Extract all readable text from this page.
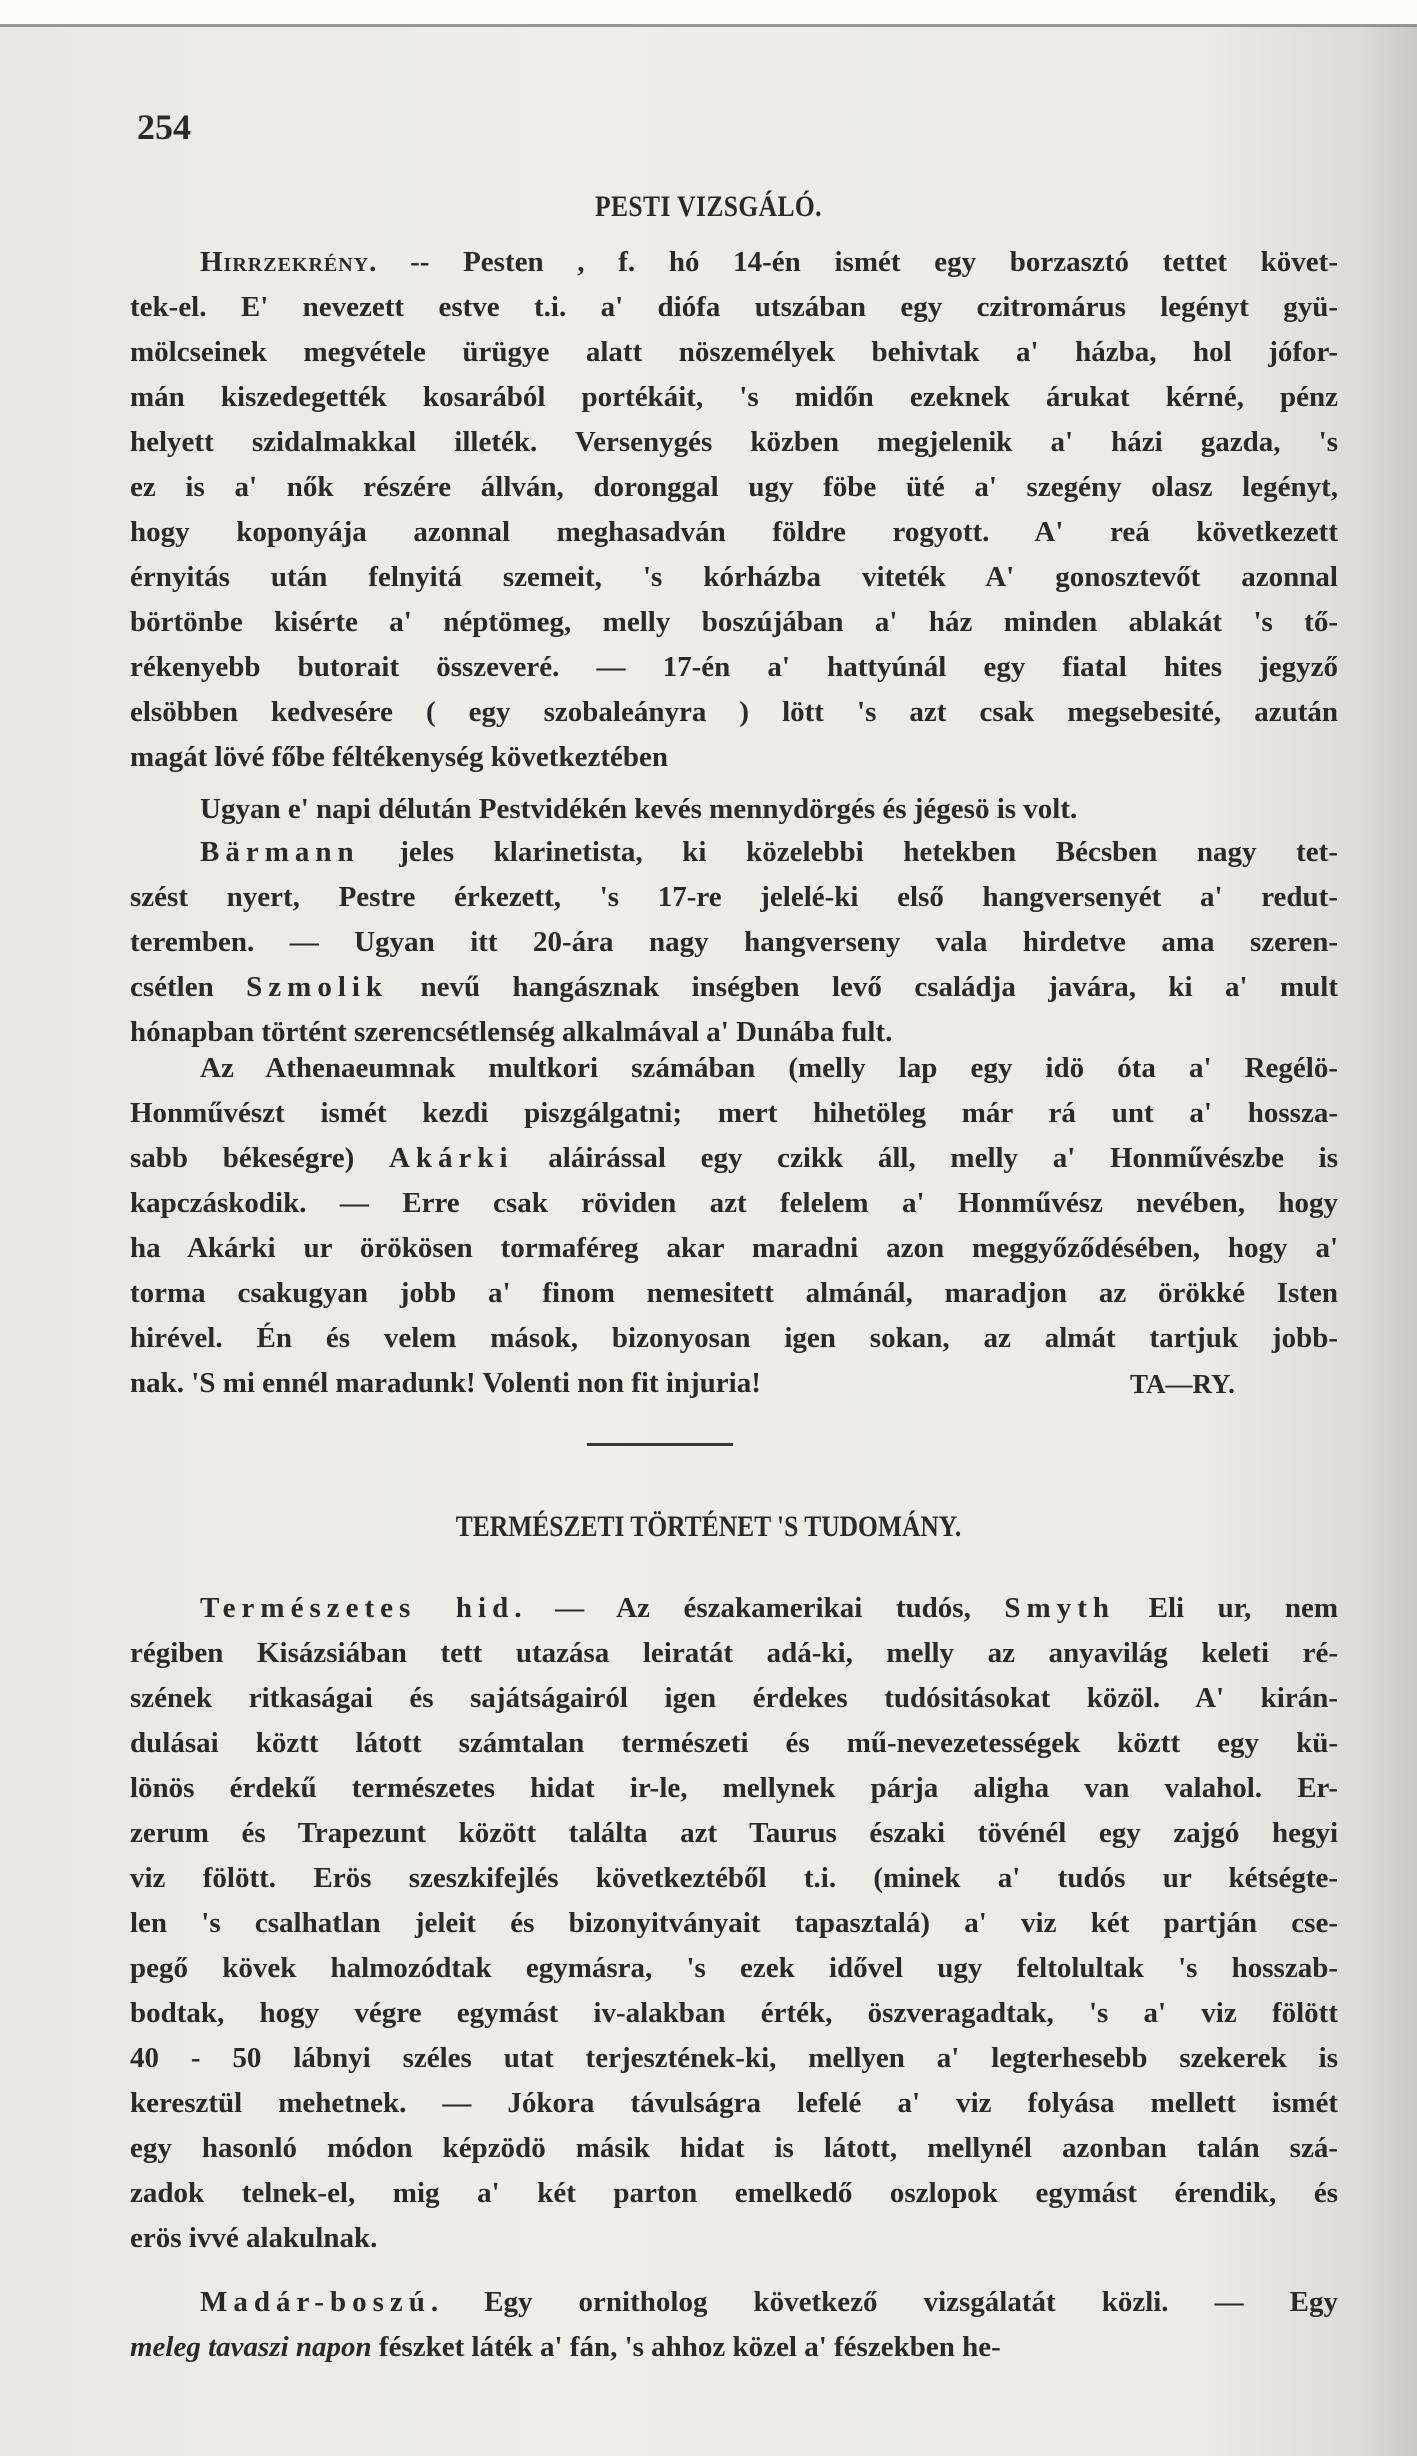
254
PESTI VIZSGÁLÓ.
Hirrzekrény. -- Pesten , f. hó 14-én ismét egy borzasztó tettet követ-
tek-el. E' nevezett estve t.i. a' diófa utszában egy czitromárus legényt gyü-
mölcseinek megvétele ürügye alatt nöszemélyek behivtak a' házba, hol jófor-
mán kiszedegették kosarából portékáit, 's midőn ezeknek árukat kérné, pénz
helyett szidalmakkal illeték. Versenygés közben megjelenik a' házi gazda, 's
ez is a' nők részére állván, doronggal ugy föbe üté a' szegény olasz legényt,
hogy koponyája azonnal meghasadván földre rogyott. A' reá következett
érnyitás után felnyitá szemeit, 's kórházba viteték A' gonosztevőt azonnal
börtönbe kisérte a' néptömeg, melly boszújában a' ház minden ablakát 's tő-
rékenyebb butorait összeveré. — 17-én a' hattyúnál egy fiatal hites jegyző
elsöbben kedvesére ( egy szobaleányra ) lött 's azt csak megsebesité, azután
magát lövé főbe féltékenység következtében
Ugyan e' napi délután Pestvidékén kevés mennydörgés és jégesö is volt.
Bärmann jeles klarinetista, ki közelebbi hetekben Bécsben nagy tet-
szést nyert, Pestre érkezett, 's 17-re jelelé-ki első hangversenyét a' redut-
teremben. — Ugyan itt 20-ára nagy hangverseny vala hirdetve ama szeren-
csétlen Szmolik nevű hangásznak inségben levő családja javára, ki a' mult
hónapban történt szerencsétlenség alkalmával a' Dunába fult.
Az Athenaeumnak multkori számában (melly lap egy idö óta a' Regélö-
Honművészt ismét kezdi piszgálgatni; mert hihetöleg már rá unt a' hossza-
sabb békeségre) Akárki aláirással egy czikk áll, melly a' Honművészbe is
kapczáskodik. — Erre csak röviden azt felelem a' Honművész nevében, hogy
ha Akárki ur örökösen tormaféreg akar maradni azon meggyőződésében, hogy a'
torma csakugyan jobb a' finom nemesitett almánál, maradjon az örökké Isten
hirével. Én és velem mások, bizonyosan igen sokan, az almát tartjuk jobb-
nak. 'S mi ennél maradunk! Volenti non fit injuria!	TA—RY.
TERMÉSZETI TÖRTÉNET 'S TUDOMÁNY.
Természetes hid. — Az északamerikai tudós, Smyth Eli ur, nem
régiben Kisázsiában tett utazása leiratát adá-ki, melly az anyavilág keleti ré-
szének ritkaságai és sajátságairól igen érdekes tudósitásokat közöl. A' kirán-
dulásai köztt látott számtalan természeti és mű-nevezetességek köztt egy kü-
lönös érdekű természetes hidat ir-le, mellynek párja aligha van valahol. Er-
zerum és Trapezunt között találta azt Taurus északi tövénél egy zajgó hegyi
viz fölött. Erös szeszkifejlés következtéből t.i. (minek a' tudós ur kétségte-
len 's csalhatlan jeleit és bizonyitványait tapasztalá) a' viz két partján cse-
pegő kövek halmozódtak egymásra, 's ezek idővel ugy feltolultak 's hosszab-
bodtak, hogy végre egymást iv-alakban érték, öszveragadtak, 's a' viz fölött
40 - 50 lábnyi széles utat terjesztének-ki, mellyen a' legterhesebb szekerek is
keresztül mehetnek. — Jókora távulságra lefelé a' viz folyása mellett ismét
egy hasonló módon képzödö másik hidat is látott, mellynél azonban talán szá-
zadok telnek-el, mig a' két parton emelkedő oszlopok egymást érendik, és
erös ivvé alakulnak.
Madár-boszú. Egy ornitholog következő vizsgálatát közli. — Egy
meleg tavaszi napon fészket láték a' fán, 's ahhoz közel a' fészekben he-
